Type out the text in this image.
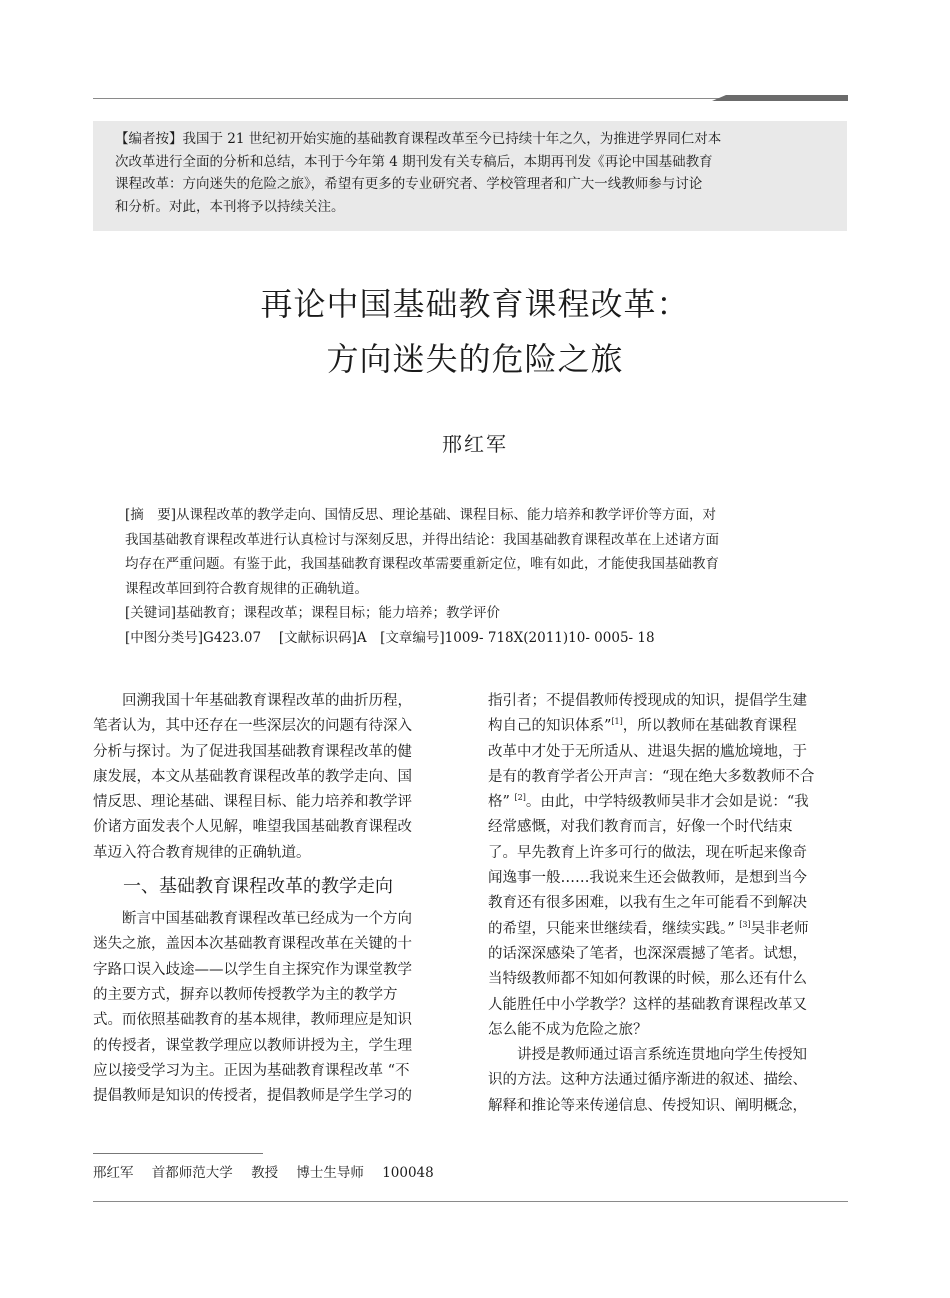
【编者按】我国于 21 世纪初开始实施的基础教育课程改革至今已持续十年之久，为推进学界同仁对本
次改革进行全面的分析和总结，本刊于今年第 4 期刊发有关专稿后，本期再刊发《再论中国基础教育
课程改革：方向迷失的危险之旅》，希望有更多的专业研究者、学校管理者和广大一线教师参与讨论
和分析。对此，本刊将予以持续关注。
再论中国基础教育课程改革：
方向迷失的危险之旅
邢红军
[摘　要]从课程改革的教学走向、国情反思、理论基础、课程目标、能力培养和教学评价等方面，对
我国基础教育课程改革进行认真检讨与深刻反思，并得出结论：我国基础教育课程改革在上述诸方面
均存在严重问题。有鉴于此，我国基础教育课程改革需要重新定位，唯有如此，才能使我国基础教育
课程改革回到符合教育规律的正确轨道。
[关键词]基础教育；课程改革；课程目标；能力培养；教学评价
[中图分类号]G423.07　 [文献标识码]A　[文章编号]1009- 718X(2011)10- 0005- 18
回溯我国十年基础教育课程改革的曲折历程，
笔者认为，其中还存在一些深层次的问题有待深入
分析与探讨。为了促进我国基础教育课程改革的健
康发展，本文从基础教育课程改革的教学走向、国
情反思、理论基础、课程目标、能力培养和教学评
价诸方面发表个人见解，唯望我国基础教育课程改
革迈入符合教育规律的正确轨道。
一、基础教育课程改革的教学走向
断言中国基础教育课程改革已经成为一个方向
迷失之旅，盖因本次基础教育课程改革在关键的十
字路口误入歧途——以学生自主探究作为课堂教学
的主要方式，摒弃以教师传授教学为主的教学方
式。而依照基础教育的基本规律，教师理应是知识
的传授者，课堂教学理应以教师讲授为主，学生理
应以接受学习为主。正因为基础教育课程改革 “不
提倡教师是知识的传授者，提倡教师是学生学习的
指引者；不提倡教师传授现成的知识，提倡学生建
构自己的知识体系”[1]，所以教师在基础教育课程
改革中才处于无所适从、进退失据的尴尬境地，于
是有的教育学者公开声言：“现在绝大多数教师不合
格” [2]。由此，中学特级教师吴非才会如是说：“我
经常感慨，对我们教育而言，好像一个时代结束
了。早先教育上许多可行的做法，现在听起来像奇
闻逸事一般……我说来生还会做教师，是想到当今
教育还有很多困难，以我有生之年可能看不到解决
的希望，只能来世继续看，继续实践。” [3]吴非老师
的话深深感染了笔者，也深深震撼了笔者。试想，
当特级教师都不知如何教课的时候，那么还有什么
人能胜任中小学教学？这样的基础教育课程改革又
怎么能不成为危险之旅？
讲授是教师通过语言系统连贯地向学生传授知
识的方法。这种方法通过循序渐进的叙述、描绘、
解释和推论等来传递信息、传授知识、阐明概念，
邢红军 首都师范大学 教授 博士生导师 100048
